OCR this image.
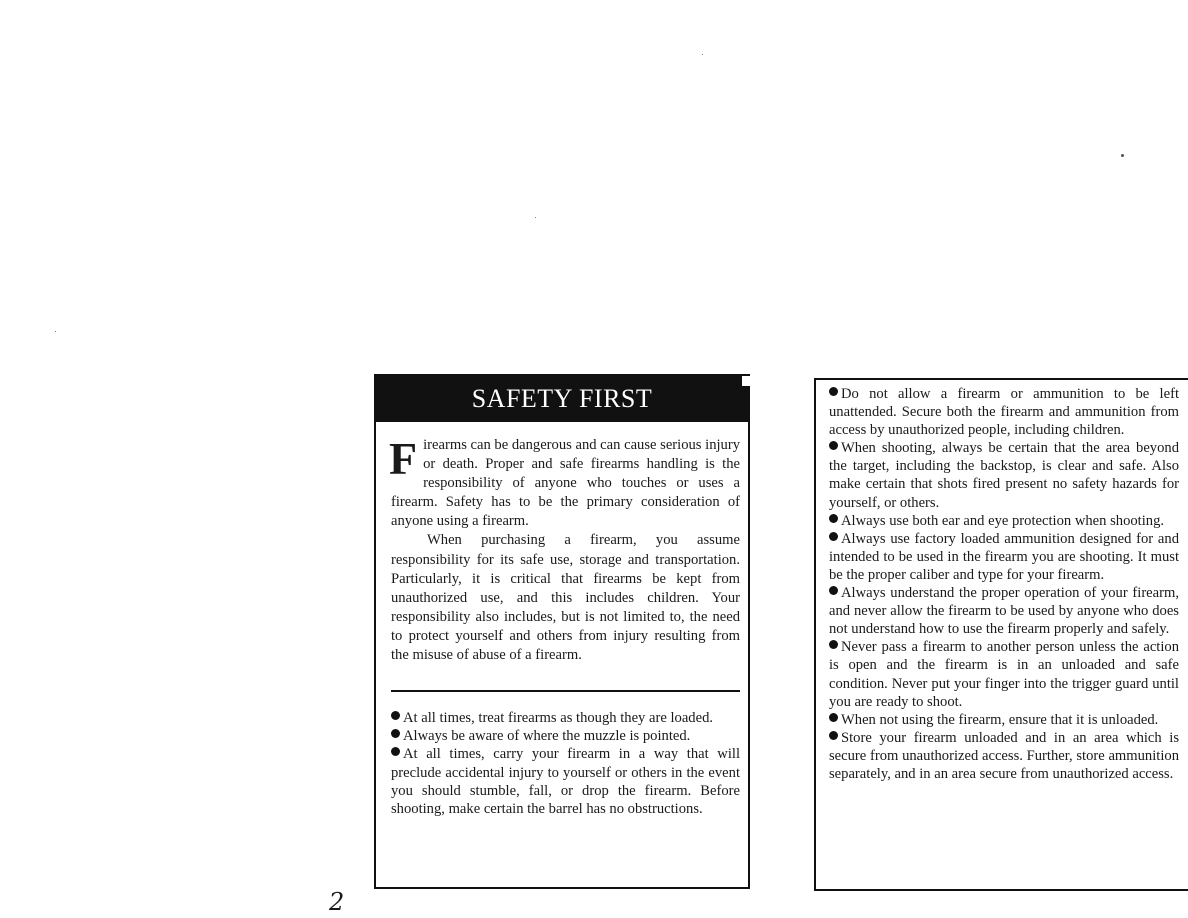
SAFETY FIRST
F irearms can be dangerous and can cause serious injury or death. Proper and safe firearms handling is the responsibility of anyone who touches or uses a firearm. Safety has to be the primary consideration of anyone using a firearm.

When purchasing a firearm, you assume responsibility for its safe use, storage and transportation. Particularly, it is critical that firearms be kept from unauthorized use, and this includes children. Your responsibility also includes, but is not limited to, the need to protect yourself and others from injury resulting from the misuse of abuse of a firearm.

At all times, treat firearms as though they are loaded.

Always be aware of where the muzzle is pointed.

At all times, carry your firearm in a way that will preclude accidental injury to yourself or others in the event you should stumble, fall, or drop the firearm. Before shooting, make certain the barrel has no obstructions.

Do not allow a firearm or ammunition to be left unattended. Secure both the firearm and ammunition from access by unauthorized people, including children.

When shooting, always be certain that the area beyond the target, including the backstop, is clear and safe. Also make certain that shots fired present no safety hazards for yourself, or others.

Always use both ear and eye protection when shooting.

Always use factory loaded ammunition designed for and intended to be used in the firearm you are shooting. It must be the proper caliber and type for your firearm.

Always understand the proper operation of your firearm, and never allow the firearm to be used by anyone who does not understand how to use the firearm properly and safely.

Never pass a firearm to another person unless the action is open and the firearm is in an unloaded and safe condition. Never put your finger into the trigger guard until you are ready to shoot.

When not using the firearm, ensure that it is unloaded.

Store your firearm unloaded and in an area which is secure from unauthorized access. Further, store ammunition separately, and in an area secure from unauthorized access.

2
